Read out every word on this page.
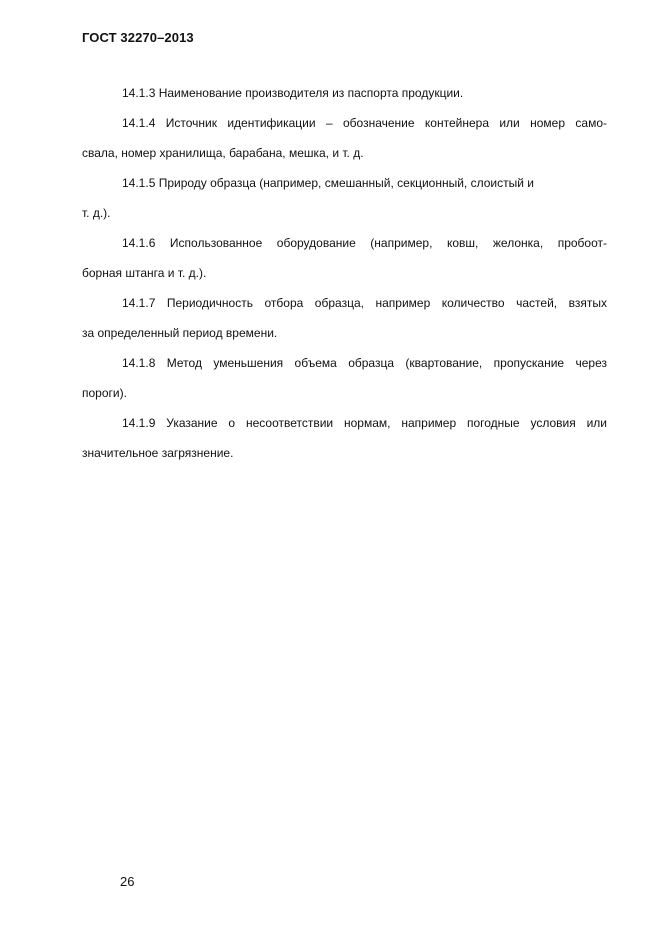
ГОСТ 32270–2013
14.1.3 Наименование производителя из паспорта продукции.
14.1.4 Источник идентификации – обозначение контейнера или номер само-
свала, номер хранилища, барабана, мешка, и т. д.
14.1.5 Природу образца (например, смешанный, секционный, слоистый и
т. д.).
14.1.6 Использованное оборудование (например, ковш, желонка, пробоот-
борная штанга и т. д.).
14.1.7 Периодичность отбора образца, например количество частей, взятых
за определенный период времени.
14.1.8 Метод уменьшения объема образца (квартование, пропускание через
пороги).
14.1.9 Указание о несоответствии нормам, например погодные условия или
значительное загрязнение.
26
